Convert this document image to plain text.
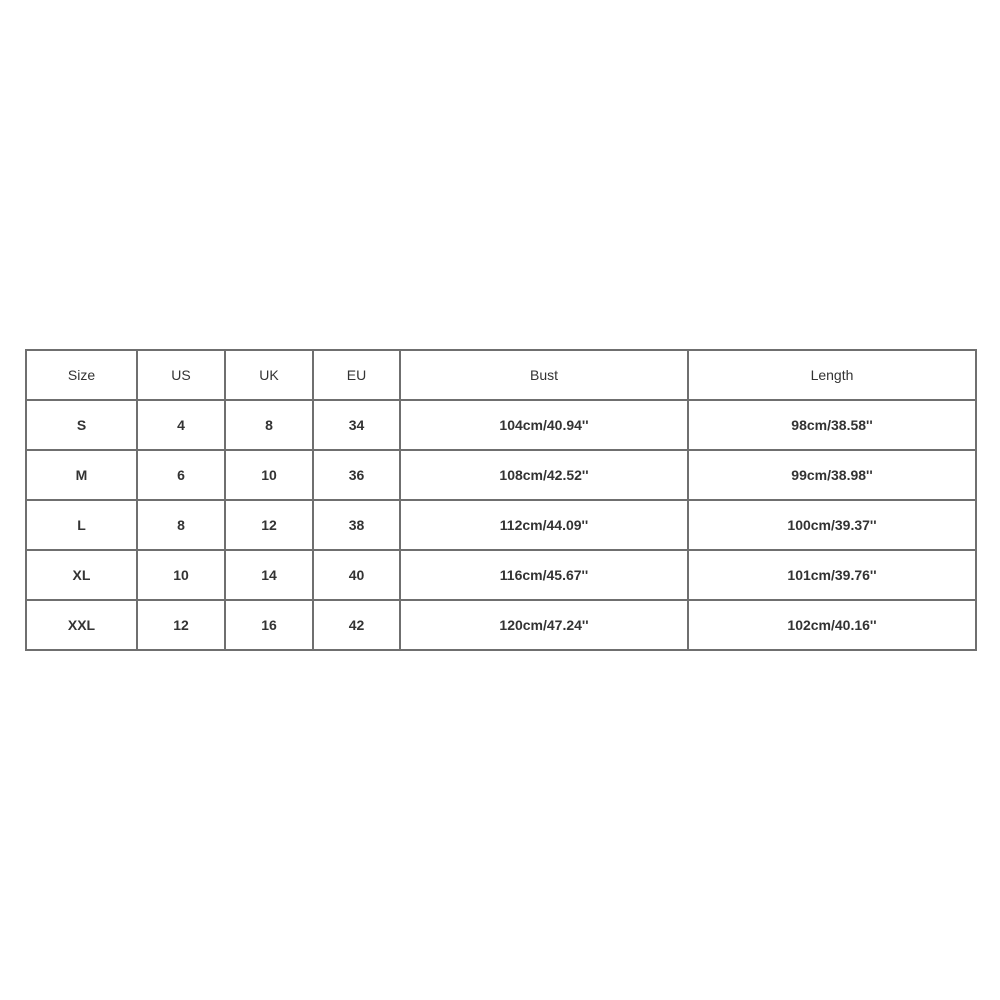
Size	US	UK	EU	Bust	Length
S	4	8	34	104cm/40.94''	98cm/38.58''
M	6	10	36	108cm/42.52''	99cm/38.98''
L	8	12	38	112cm/44.09''	100cm/39.37''
XL	10	14	40	116cm/45.67''	101cm/39.76''
XXL	12	16	42	120cm/47.24''	102cm/40.16''
